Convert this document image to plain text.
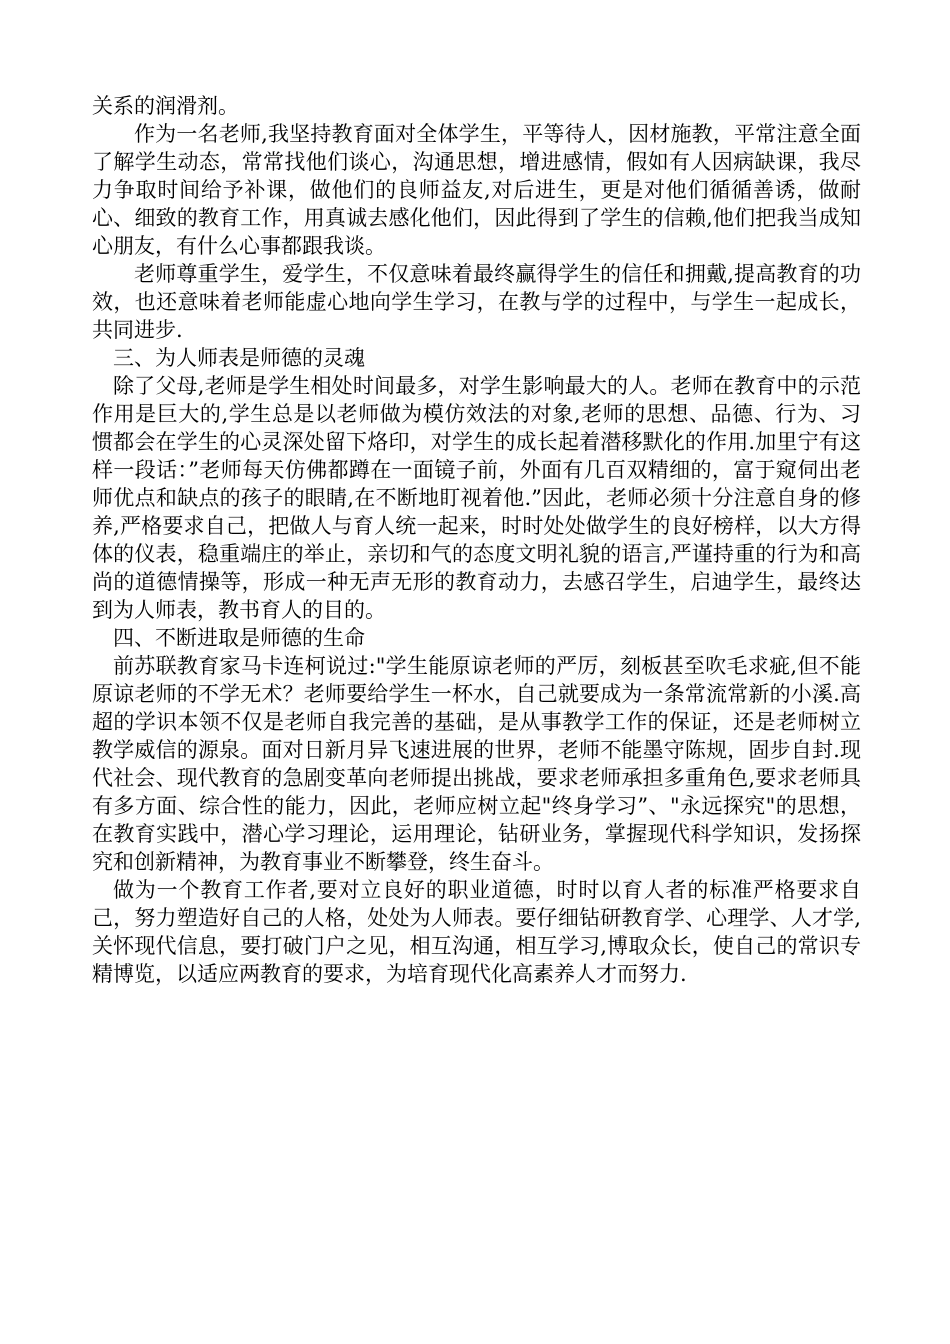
关系的润滑剂。

作为一名老师,我坚持教育面对全体学生，平等待人，因材施教，平常注意全面了解学生动态，常常找他们谈心，沟通思想，增进感情，假如有人因病缺课，我尽力争取时间给予补课，做他们的良师益友,对后进生，更是对他们循循善诱，做耐心、细致的教育工作，用真诚去感化他们，因此得到了学生的信赖,他们把我当成知心朋友，有什么心事都跟我谈。

老师尊重学生，爱学生，不仅意味着最终赢得学生的信任和拥戴,提高教育的功效，也还意味着老师能虚心地向学生学习，在教与学的过程中，与学生一起成长，共同进步.

三、为人师表是师德的灵魂

除了父母,老师是学生相处时间最多，对学生影响最大的人。老师在教育中的示范作用是巨大的,学生总是以老师做为模仿效法的对象,老师的思想、品德、行为、习惯都会在学生的心灵深处留下烙印，对学生的成长起着潜移默化的作用.加里宁有这样一段话：”老师每天仿佛都蹲在一面镜子前，外面有几百双精细的，富于窥伺出老师优点和缺点的孩子的眼睛,在不断地盯视着他.”因此，老师必须十分注意自身的修养,严格要求自己，把做人与育人统一起来，时时处处做学生的良好榜样，以大方得体的仪表，稳重端庄的举止，亲切和气的态度文明礼貌的语言,严谨持重的行为和高尚的道德情操等，形成一种无声无形的教育动力，去感召学生，启迪学生，最终达到为人师表，教书育人的目的。

四、不断进取是师德的生命

前苏联教育家马卡连柯说过:"学生能原谅老师的严厉，刻板甚至吹毛求疵,但不能原谅老师的不学无术？老师要给学生一杯水，自己就要成为一条常流常新的小溪.高超的学识本领不仅是老师自我完善的基础，是从事教学工作的保证，还是老师树立教学威信的源泉。面对日新月异飞速进展的世界，老师不能墨守陈规，固步自封.现代社会、现代教育的急剧变革向老师提出挑战，要求老师承担多重角色,要求老师具有多方面、综合性的能力，因此，老师应树立起"终身学习”、"永远探究"的思想，在教育实践中，潜心学习理论，运用理论，钻研业务，掌握现代科学知识，发扬探究和创新精神，为教育事业不断攀登，终生奋斗。

做为一个教育工作者,要对立良好的职业道德，时时以育人者的标准严格要求自己，努力塑造好自己的人格，处处为人师表。要仔细钻研教育学、心理学、人才学,关怀现代信息，要打破门户之见，相互沟通，相互学习,博取众长，使自己的常识专精博览，以适应两教育的要求，为培育现代化高素养人才而努力.
